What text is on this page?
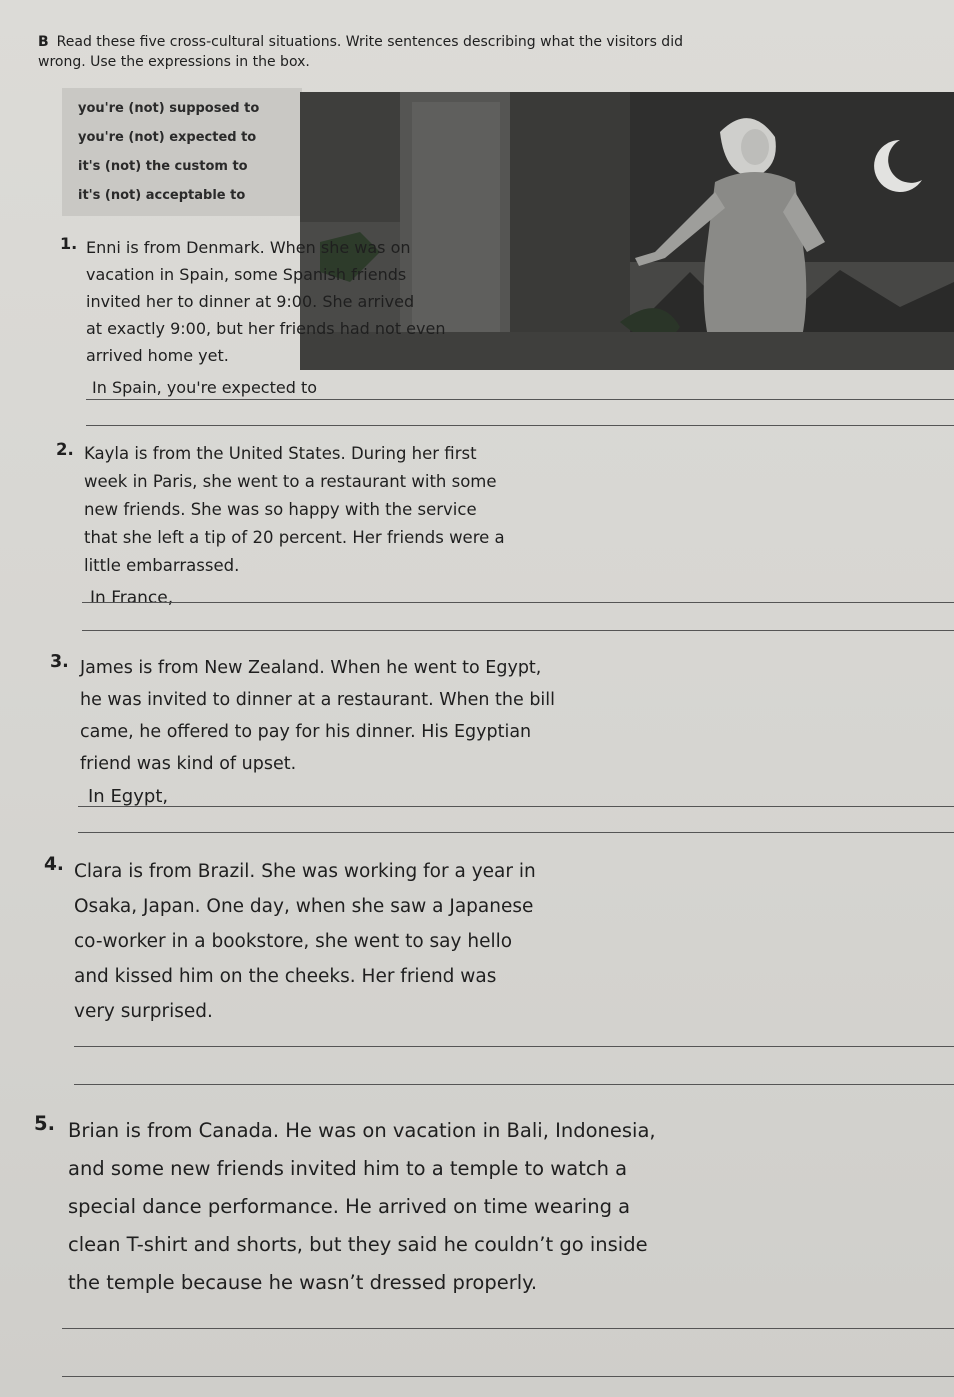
B Read these five cross-cultural situations. Write sentences describing what the visitors did wrong. Use the expressions in the box.
you're (not) supposed to
you're (not) expected to
it's (not) the custom to
it's (not) acceptable to
1. Enni is from Denmark. When she was on
vacation in Spain, some Spanish friends
invited her to dinner at 9:00. She arrived
at exactly 9:00, but her friends had not even
arrived home yet.
In Spain, you're expected to
2. Kayla is from the United States. During her first
week in Paris, she went to a restaurant with some
new friends. She was so happy with the service
that she left a tip of 20 percent. Her friends were a
little embarrassed.
In France,
3. James is from New Zealand. When he went to Egypt,
he was invited to dinner at a restaurant. When the bill
came, he offered to pay for his dinner. His Egyptian
friend was kind of upset.
In Egypt,
4. Clara is from Brazil. She was working for a year in
Osaka, Japan. One day, when she saw a Japanese
co-worker in a bookstore, she went to say hello
and kissed him on the cheeks. Her friend was
very surprised.
5. Brian is from Canada. He was on vacation in Bali, Indonesia,
and some new friends invited him to a temple to watch a
special dance performance. He arrived on time wearing a
clean T-shirt and shorts, but they said he couldn’t go inside
the temple because he wasn’t dressed properly.
